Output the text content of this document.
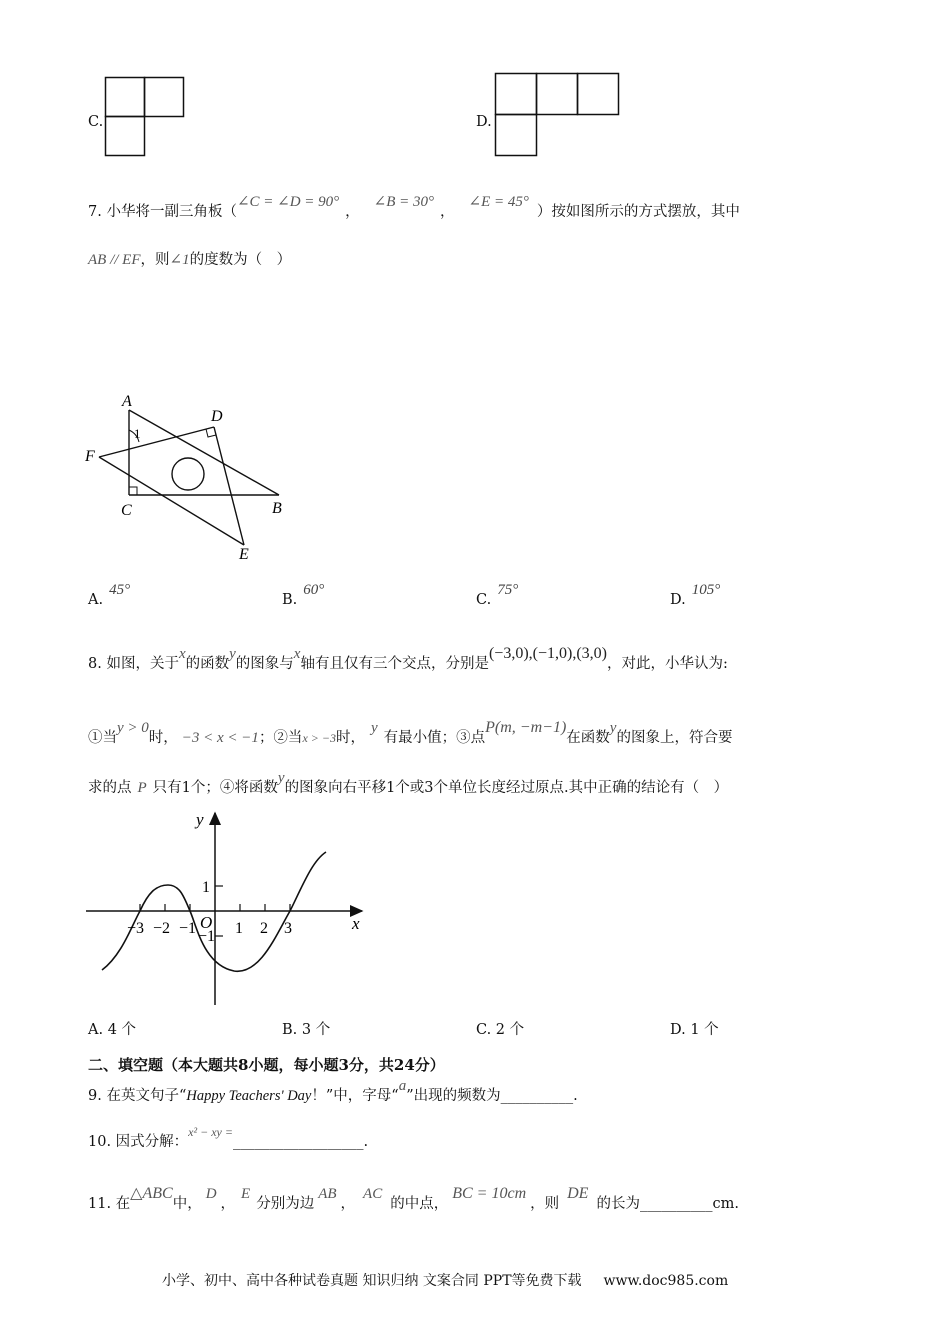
C.	D.
7. 小华将一副三角板（∠C = ∠D = 90°，∠B = 30°，∠E = 45°）按如图所示的方式摆放，其中
AB // EF，则∠1的度数为（　）
A
D
F
1
C	B
E
A.45°
B.60°
C.75°
D.105°
8. 如图，关于x的函数y的图象与x轴有且仅有三个交点，分别是(−3,0),(−1,0),(3,0)，对此，小华认为:
①当y > 0时， −3 < x < −1；②当x > −3时，y有最小值；③点P(m, −m−1)在函数y的图象上，符合要
求的点 P 只有1个；④将函数y的图象向右平移1个或3个单位长度经过原点.其中正确的结论有（　）
y
x
O
1
−1
−3 −2 −1 1 2 3
A. 4 个	B. 3 个	C. 2 个	D. 1 个
二、填空题（本大题共8小题，每小题3分，共24分）
9. 在英文句子“Happy Teachers' Day！”中，字母“a”出现的频数为__________.
10. 因式分解：$^{x^2 - xy =}$__________________.
11. 在△ABC中，D，E分别为边AB，AC的中点，BC = 10cm，则DE的长为__________cm.
小学、初中、高中各种试卷真题 知识归纳 文案合同 PPT等免费下载 www.doc985.com
